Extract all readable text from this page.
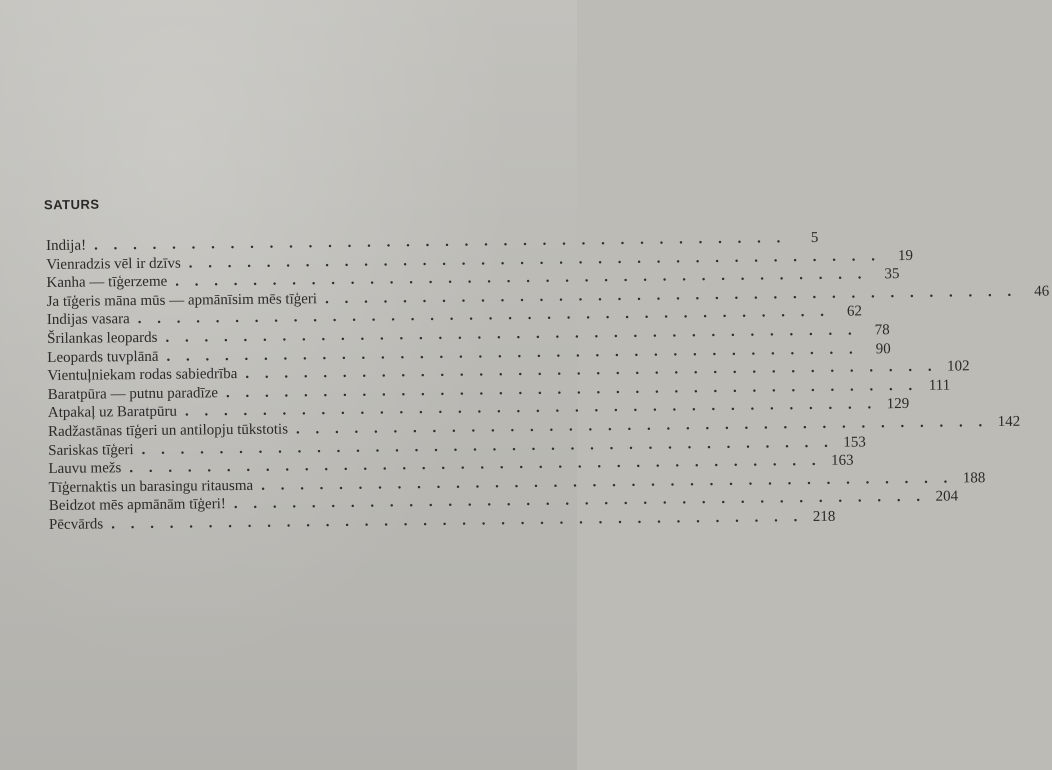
SATURS
Indija! . . . . . . . . . . . . . . . . . . . . . . . . . . . . . . . . . . . .	5
Vienradzis vēl ir dzīvs . . . . . . . . . . . . . . . . . . . . . . . . . . . . . . . . . . . .	19
Kanha — tīģerzeme . . . . . . . . . . . . . . . . . . . . . . . . . . . . . . . . . . . .	35
Ja tīģeris māna mūs — apmānīsim mēs tīģeri . . . . . . . . . . . . . . . . . . . . . . . . . . . . . . . . . . . .	46
Indijas vasara . . . . . . . . . . . . . . . . . . . . . . . . . . . . . . . . . . . .	62
Šrilankas leopards . . . . . . . . . . . . . . . . . . . . . . . . . . . . . . . . . . . .	78
Leopards tuvplānā . . . . . . . . . . . . . . . . . . . . . . . . . . . . . . . . . . . .	90
Vientuļniekam rodas sabiedrība . . . . . . . . . . . . . . . . . . . . . . . . . . . . . . . . . . . . 102
Baratpūra — putnu paradīze . . . . . . . . . . . . . . . . . . . . . . . . . . . . . . . . . . . . 111
Atpakaļ uz Baratpūru . . . . . . . . . . . . . . . . . . . . . . . . . . . . . . . . . . . . 129
Radžastānas tīģeri un antilopju tūkstotis . . . . . . . . . . . . . . . . . . . . . . . . . . . . . . . . . . . . 142
Sariskas tīģeri . . . . . . . . . . . . . . . . . . . . . . . . . . . . . . . . . . . . 153
Lauvu mežs . . . . . . . . . . . . . . . . . . . . . . . . . . . . . . . . . . . . 163
Tīģernaktis un barasingu ritausma . . . . . . . . . . . . . . . . . . . . . . . . . . . . . . . . . . . . 188
Beidzot mēs apmānām tīģeri! . . . . . . . . . . . . . . . . . . . . . . . . . . . . . . . . . . . . 204
Pēcvārds . . . . . . . . . . . . . . . . . . . . . . . . . . . . . . . . . . . . 218
